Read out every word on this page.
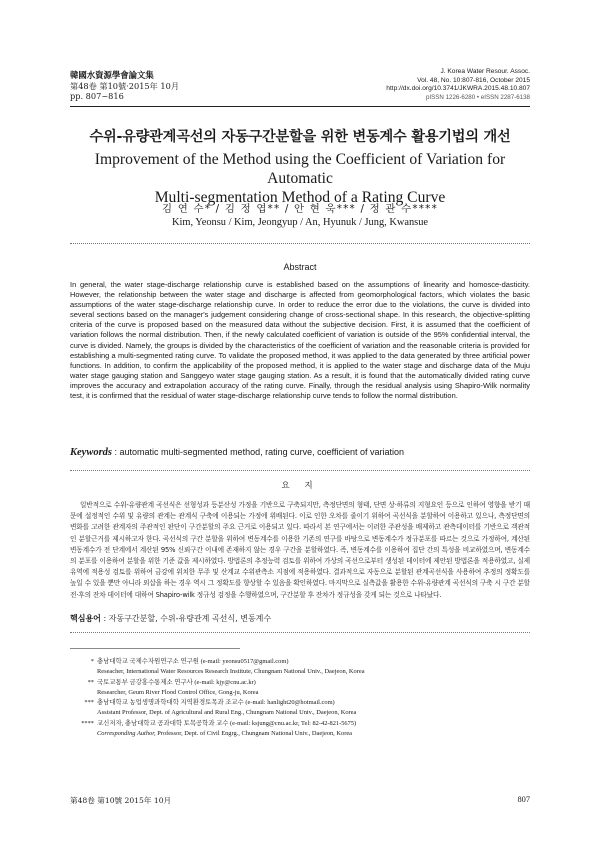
韓國水資源學會論文集
第48卷 第10號·2015年 10月
pp. 807~816
J. Korea Water Resour. Assoc.
Vol. 48, No. 10:807-816, October 2015
http://dx.doi.org/10.3741/JKWRA.2015.48.10.807
pISSN 1226-6280 • eISSN 2287-6138
수위-유량관계곡선의 자동구간분할을 위한 변동계수 활용기법의 개선
Improvement of the Method using the Coefficient of Variation for Automatic
Multi-segmentation Method of a Rating Curve
김 연 수* / 김 정 엽** / 안 현 욱*** / 정 관 수****
Kim, Yeonsu / Kim, Jeongyup / An, Hyunuk / Jung, Kwansue
Abstract
In general, the water stage-discharge relationship curve is established based on the assumptions of linearity and homosce-dasticity. However, the relationship between the water stage and discharge is affected from geomorphological factors, which violates the basic assumptions of the water stage-discharge relationship curve. In order to reduce the error due to the violations, the curve is divided into several sections based on the manager's judgement considering change of cross-sectional shape. In this research, the objective-splitting criteria of the curve is proposed based on the measured data without the subjective decision. First, it is assumed that the coefficient of variation follows the normal distribution. Then, if the newly calculated coefficient of variation is outside of the 95% confidential interval, the curve is divided. Namely, the groups is divided by the characteristics of the coefficient of variation and the reasonable criteria is provided for establishing a multi-segmented rating curve. To validate the proposed method, it was applied to the data generated by three artificial power functions. In addition, to confirm the applicability of the proposed method, it is applied to the water stage and discharge data of the Muju water stage gauging station and Sanggeyo water stage gauging station. As a result, it is found that the automatically divided rating curve improves the accuracy and extrapolation accuracy of the rating curve. Finally, through the residual analysis using Shapiro-Wilk normality test, it is confirmed that the residual of water stage-discharge relationship curve tends to follow the normal distribution.
Keywords : automatic multi-segmented method, rating curve, coefficient of variation
요 지
일반적으로 수위-유량관계 곡선식은 선형성과 등분산성 가정을 기반으로 구축되지만, 측정단면의 형태, 단면 상·하류의 지형요인 등으로 인하여 영향을 받기 때문에 설정적인 수위 및 유량의 관계는 관계식 구축에 이용되는 가정에 위배된다. 이로 인한 오차를 줄이기 위하여 곡선식을 분할하여 이용하고 있으나, 측정단면의 변화를 고려한 관계자의 주관적인 판단이 구간분할의 주요 근거로 이용되고 있다. 따라서 본 연구에서는 이러한 주관성을 배제하고 관측데이터를 기반으로 객관적인 분할근거를 제시하고자 한다. 곡선식의 구간 분할을 위하여 변동계수를 이용한 기존의 연구를 바탕으로 변동계수가 정규분포를 따르는 것으로 가정하여, 계산된 변동계수가 전 단계에서 계산된 95% 신뢰구간 이내에 존재하지 않는 경우 구간을 분할하였다. 즉, 변동계수를 이용하여 집단 간의 특성을 비교하였으며, 변동계수의 분포를 이용하여 분할을 위한 기준 값을 제시하였다. 방법론의 추정능력 검토를 위하여 가상의 곡선으로부터 생성된 데이터에 제안된 방법론을 적용하였고, 실제 유역에 적용성 검토를 위하여 금강에 위치한 무주 및 산계교 수위관측소 지점에 적용하였다. 결과적으로 자동으로 분할된 관계곡선식을 사용하여 추정의 정확도를 높일 수 있을 뿐만 아니라 외삽을 하는 경우 역시 그 정확도를 향상할 수 있음을 확인하였다. 마지막으로 실측값을 활용한 수위-유량관계 곡선식의 구축 시 구간 분할 전·후의 잔차 데이터에 대하여 Shapiro-wilk 정규성 검정을 수행하였으며, 구간분할 후 잔차가 정규성을 갖게 되는 것으로 나타났다.
핵심용어 : 자동구간분할, 수위-유량관계 곡선식, 변동계수
* 충남대학교 국제수자원연구소 연구원 (e-mail: yeonsu0517@gmail.com)
Reseacher, International Water Resources Research Institute, Chungnam National Univ., Daejeon, Korea
** 국토교통부 금강홍수통제소 연구사 (e-mail: kjy@cnu.ac.kr)
Researcher, Geum River Flood Control Office, Gong-ju, Korea
*** 충남대학교 농업생명과학대학 지역환경토목과 조교수 (e-mail: hanlight20@hotmail.com)
Assistant Professor, Dept. of Agricultural and Rural Eng., Chungnam National Univ., Daejeon, Korea
**** 교신저자, 충남대학교 공과대학 토목공학과 교수 (e-mail: ksjung@cnu.ac.kr, Tel: 82-42-821-5675)
Corresponding Author, Professor, Dept. of Civil Engrg., Chungnam National Univ., Daejeon, Korea
第48卷 第10號 2015年 10月	807
